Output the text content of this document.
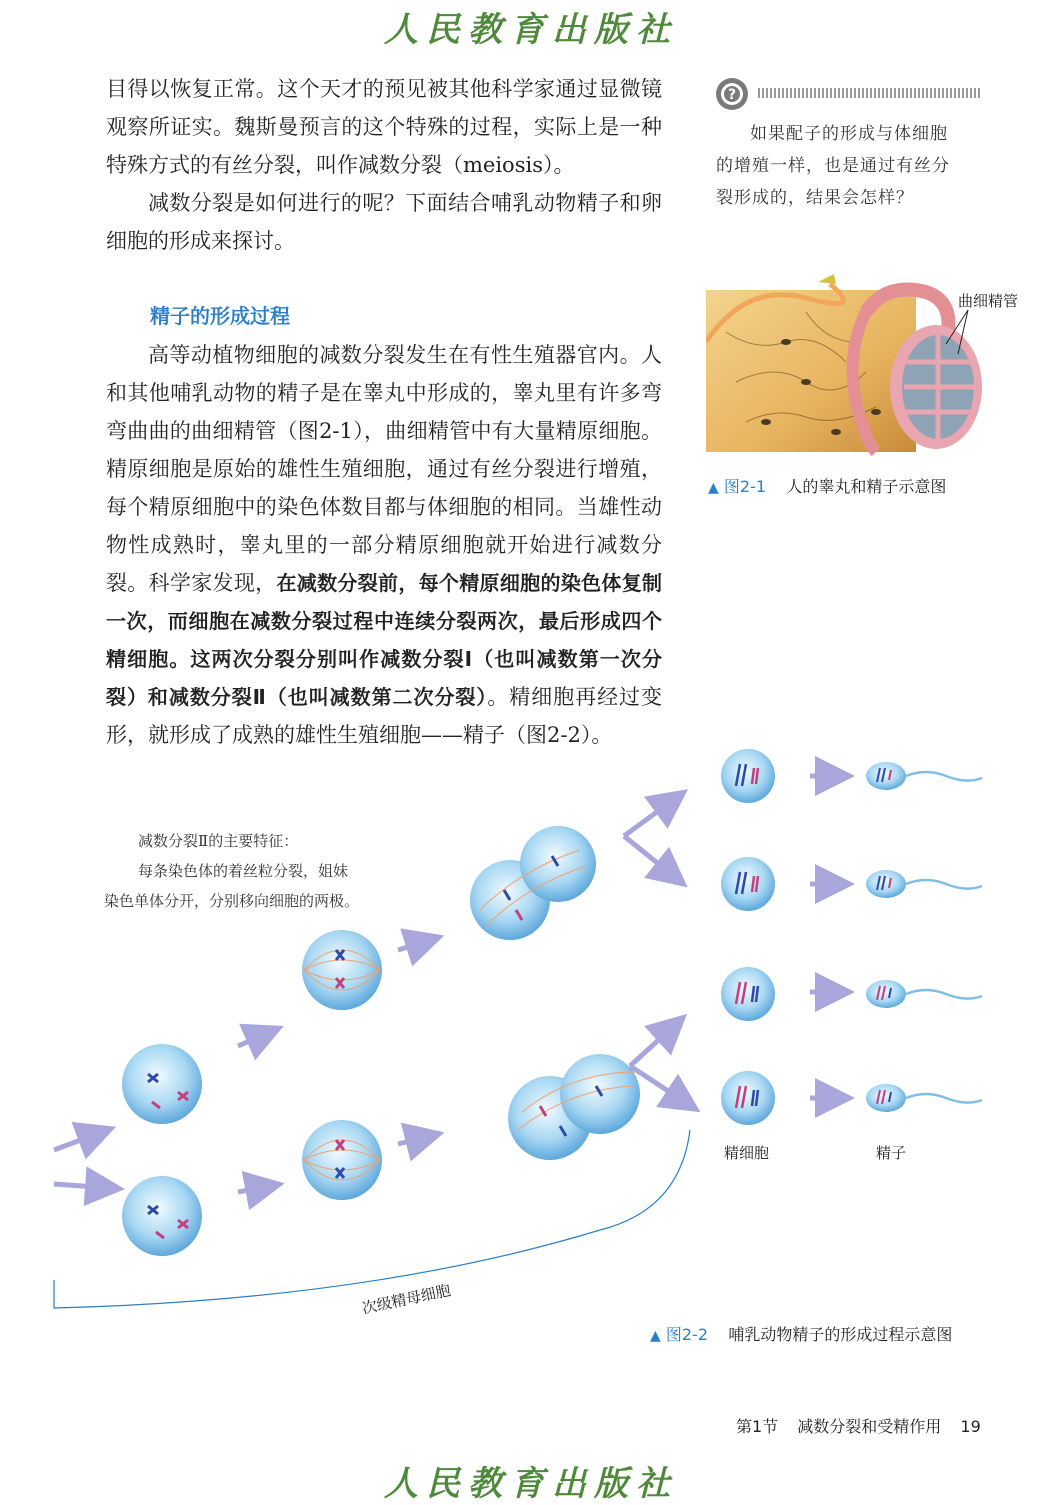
人民教育出版社

目得以恢复正常。这个天才的预见被其他科学家通过显微镜观察所证实。魏斯曼预言的这个特殊的过程，实际上是一种特殊方式的有丝分裂，叫作减数分裂（meiosis）。

减数分裂是如何进行的呢？下面结合哺乳动物精子和卵细胞的形成来探讨。

精子的形成过程

高等动植物细胞的减数分裂发生在有性生殖器官内。人和其他哺乳动物的精子是在睾丸中形成的，睾丸里有许多弯弯曲曲的曲细精管（图2-1），曲细精管中有大量精原细胞。精原细胞是原始的雄性生殖细胞，通过有丝分裂进行增殖，每个精原细胞中的染色体数目都与体细胞的相同。当雄性动物性成熟时，睾丸里的一部分精原细胞就开始进行减数分裂。科学家发现，在减数分裂前，每个精原细胞的染色体复制一次，而细胞在减数分裂过程中连续分裂两次，最后形成四个精细胞。这两次分裂分别叫作减数分裂Ⅰ（也叫减数第一次分裂）和减数分裂Ⅱ（也叫减数第二次分裂）。精细胞再经过变形，就形成了成熟的雄性生殖细胞——精子（图2-2）。

?
如果配子的形成与体细胞
的增殖一样，也是通过有丝分
裂形成的，结果会怎样？
曲细精管
▲ 图2-1 人的睾丸和精子示意图
减数分裂Ⅱ的主要特征：
每条染色体的着丝粒分裂，姐妹
染色单体分开，分别移向细胞的两极。
精细胞	精子
次级精母细胞
▲ 图2-2 哺乳动物精子的形成过程示意图
第1节 减数分裂和受精作用 19
人民教育出版社
